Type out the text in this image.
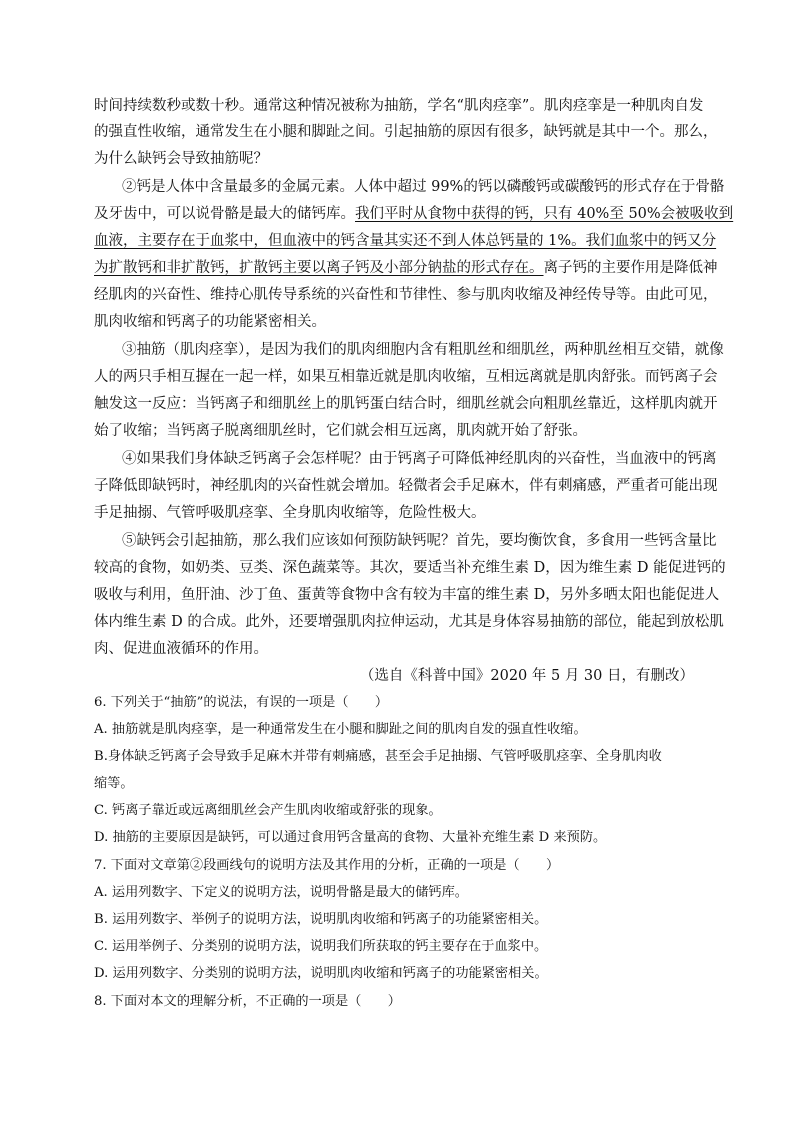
时间持续数秒或数十秒。通常这种情况被称为抽筋，学名“肌肉痉挛”。肌肉痉挛是一种肌肉自发
的强直性收缩，通常发生在小腿和脚趾之间。引起抽筋的原因有很多，缺钙就是其中一个。那么，
为什么缺钙会导致抽筋呢？
②钙是人体中含量最多的金属元素。人体中超过 99%的钙以磷酸钙或碳酸钙的形式存在于骨骼
及牙齿中，可以说骨骼是最大的储钙库。我们平时从食物中获得的钙，只有 40%至 50%会被吸收到
血液，主要存在于血浆中，但血液中的钙含量其实还不到人体总钙量的 1%。我们血浆中的钙又分
为扩散钙和非扩散钙，扩散钙主要以离子钙及小部分钠盐的形式存在。离子钙的主要作用是降低神
经肌肉的兴奋性、维持心肌传导系统的兴奋性和节律性、参与肌肉收缩及神经传导等。由此可见，
肌肉收缩和钙离子的功能紧密相关。
③抽筋（肌肉痉挛），是因为我们的肌肉细胞内含有粗肌丝和细肌丝，两种肌丝相互交错，就像
人的两只手相互握在一起一样，如果互相靠近就是肌肉收缩，互相远离就是肌肉舒张。而钙离子会
触发这一反应：当钙离子和细肌丝上的肌钙蛋白结合时，细肌丝就会向粗肌丝靠近，这样肌肉就开
始了收缩；当钙离子脱离细肌丝时，它们就会相互远离，肌肉就开始了舒张。
④如果我们身体缺乏钙离子会怎样呢？由于钙离子可降低神经肌肉的兴奋性，当血液中的钙离
子降低即缺钙时，神经肌肉的兴奋性就会增加。轻微者会手足麻木，伴有刺痛感，严重者可能出现
手足抽搦、气管呼吸肌痉挛、全身肌肉收缩等，危险性极大。
⑤缺钙会引起抽筋，那么我们应该如何预防缺钙呢？首先，要均衡饮食，多食用一些钙含量比
较高的食物，如奶类、豆类、深色蔬菜等。其次，要适当补充维生素 D，因为维生素 D 能促进钙的
吸收与利用，鱼肝油、沙丁鱼、蛋黄等食物中含有较为丰富的维生素 D，另外多晒太阳也能促进人
体内维生素 D 的合成。此外，还要增强肌肉拉伸运动，尤其是身体容易抽筋的部位，能起到放松肌
肉、促进血液循环的作用。
（选自《科普中国》2020 年 5 月 30 日，有删改）
6. 下列关于“抽筋”的说法，有误的一项是（　　）
A. 抽筋就是肌肉痉挛，是一种通常发生在小腿和脚趾之间的肌肉自发的强直性收缩。
B.身体缺乏钙离子会导致手足麻木并带有刺痛感，甚至会手足抽搦、气管呼吸肌痉挛、全身肌肉收
缩等。
C. 钙离子靠近或远离细肌丝会产生肌肉收缩或舒张的现象。
D. 抽筋的主要原因是缺钙，可以通过食用钙含量高的食物、大量补充维生素 D 来预防。
7. 下面对文章第②段画线句的说明方法及其作用的分析，正确的一项是（　　）
A. 运用列数字、下定义的说明方法，说明骨骼是最大的储钙库。
B. 运用列数字、举例子的说明方法，说明肌肉收缩和钙离子的功能紧密相关。
C. 运用举例子、分类别的说明方法，说明我们所获取的钙主要存在于血浆中。
D. 运用列数字、分类别的说明方法，说明肌肉收缩和钙离子的功能紧密相关。
8. 下面对本文的理解分析，不正确的一项是（　　）
